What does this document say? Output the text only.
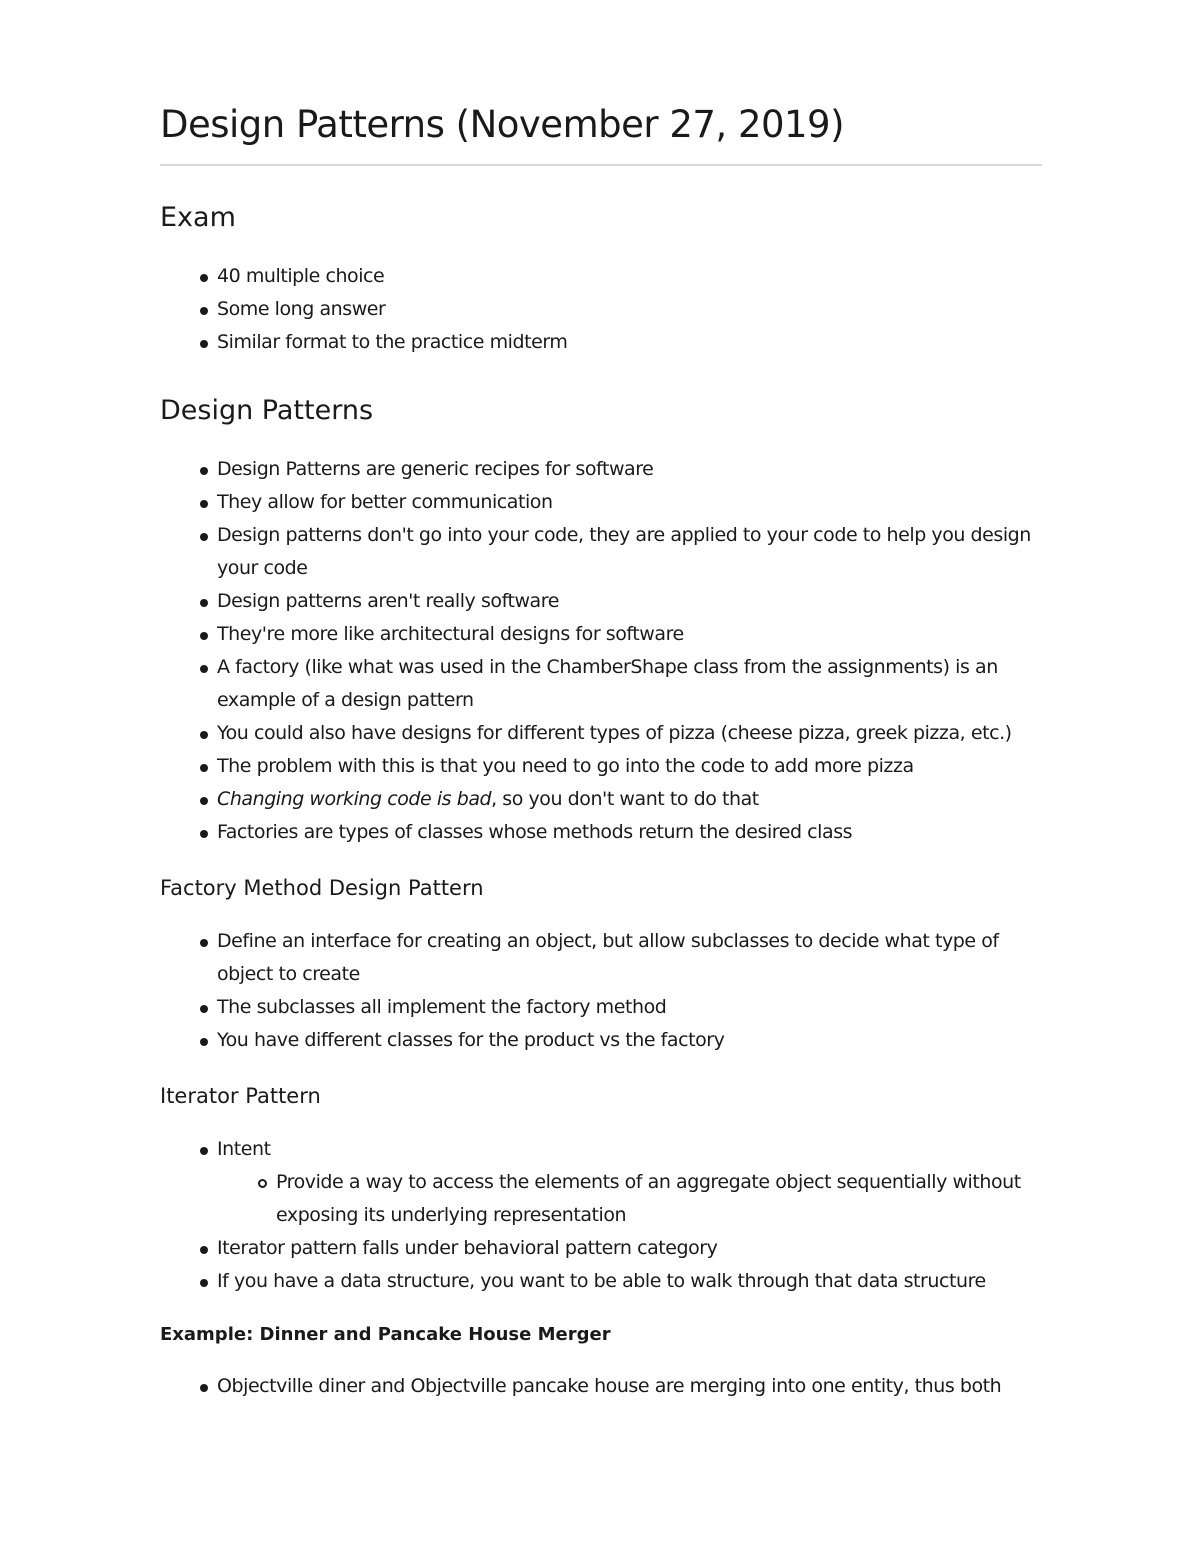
Design Patterns (November 27, 2019)
Exam
40 multiple choice
Some long answer
Similar format to the practice midterm
Design Patterns
Design Patterns are generic recipes for software
They allow for better communication
Design patterns don't go into your code, they are applied to your code to help you design your code
Design patterns aren't really software
They're more like architectural designs for software
A factory (like what was used in the ChamberShape class from the assignments) is an example of a design pattern
You could also have designs for different types of pizza (cheese pizza, greek pizza, etc.)
The problem with this is that you need to go into the code to add more pizza
Changing working code is bad, so you don't want to do that
Factories are types of classes whose methods return the desired class
Factory Method Design Pattern
Define an interface for creating an object, but allow subclasses to decide what type of object to create
The subclasses all implement the factory method
You have different classes for the product vs the factory
Iterator Pattern
Intent
Provide a way to access the elements of an aggregate object sequentially without exposing its underlying representation
Iterator pattern falls under behavioral pattern category
If you have a data structure, you want to be able to walk through that data structure
Example: Dinner and Pancake House Merger
Objectville diner and Objectville pancake house are merging into one entity, thus both
